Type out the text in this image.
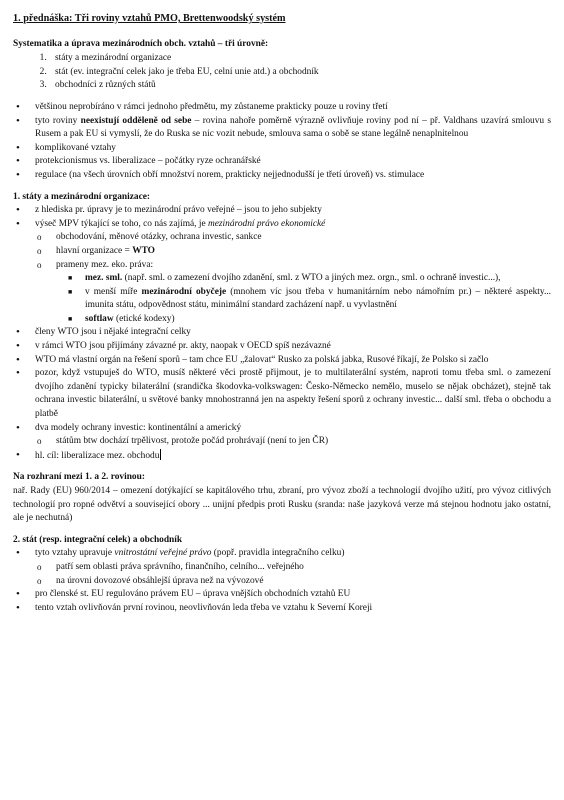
1. přednáška: Tři roviny vztahů PMO, Brettenwoodský systém

Systematika a úprava mezinárodních obch. vztahů – tři úrovně:

1. státy a mezinárodní organizace
2. stát (ev. integrační celek jako je třeba EU, celní unie atd.) a obchodník
3. obchodníci z různých států
• většinou neprobíráno v rámci jednoho předmětu, my zůstaneme prakticky pouze u roviny třetí
• tyto roviny neexistují odděleně od sebe – rovina nahoře poměrně výrazně ovlivňuje roviny pod ní – př. Valdhans uzavírá smlouvu s Rusem a pak EU si vymyslí, že do Ruska se nic vozit nebude, smlouva sama o sobě se stane legálně nenaplnitelnou
• komplikované vztahy
• protekcionismus vs. liberalizace – počátky ryze ochranářské
• regulace (na všech úrovních obří množství norem, prakticky nejjednodušší je třetí úroveň) vs. stimulace

1. státy a mezinárodní organizace:

• z hlediska pr. úpravy je to mezinárodní právo veřejné – jsou to jeho subjekty
• výseč MPV týkající se toho, co nás zajímá, je mezinárodní právo ekonomické
o obchodování, měnové otázky, ochrana investic, sankce
o hlavní organizace = WTO
o prameny mez. eko. práva:
■ mez. sml. (např. sml. o zamezení dvojího zdanění, sml. z WTO a jiných mez. orgn., sml. o ochraně investic...),
■ v menší míře mezinárodní obyčeje (mnohem víc jsou třeba v humanitárním nebo námořním pr.) – některé aspekty... imunita státu, odpovědnost státu, minimální standard zacházení např. u vyvlastnění
■ softlaw (etické kodexy)
• členy WTO jsou i nějaké integrační celky
• v rámci WTO jsou přijímány závazné pr. akty, naopak v OECD spíš nezávazné
• WTO má vlastní orgán na řešení sporů – tam chce EU „žalovat“ Rusko za polská jabka, Rusové říkají, že Polsko si začlo
• pozor, když vstupuješ do WTO, musíš některé věci prostě přijmout, je to multilaterální systém, naproti tomu třeba sml. o zamezení dvojího zdanění typicky bilaterální (srandička škodovka-volkswagen: Česko-Německo nemělo, muselo se nějak obcházet), stejně tak ochrana investic bilaterální, u světové banky mnohostranná jen na aspekty řešení sporů z ochrany investic... další sml. třeba o obchodu a platbě
• dva modely ochrany investic: kontinentální a americký
o státům btw dochází trpělivost, protože počád prohrávají (není to jen ČR)
• hl. cíl: liberalizace mez. obchodu

Na rozhraní mezi 1. a 2. rovinou:

nař. Rady (EU) 960/2014 – omezení dotýkající se kapitálového trhu, zbraní, pro vývoz zboží a technologií dvojího užití, pro vývoz citlivých technologií pro ropné odvětví a související obory ... unijní předpis proti Rusku (sranda: naše jazyková verze má stejnou hodnotu jako ostatní, ale je nechutná)

2. stát (resp. integrační celek) a obchodník

• tyto vztahy upravuje vnitrostátní veřejné právo (popř. pravidla integračního celku)
o patří sem oblasti práva správního, finančního, celního... veřejného
o na úrovni dovozové obsáhlejší úprava než na vývozové
• pro členské st. EU regulováno právem EU – úprava vnějších obchodních vztahů EU
• tento vztah ovlivňován první rovinou, neovlivňován leda třeba ve vztahu k Severní Koreji
